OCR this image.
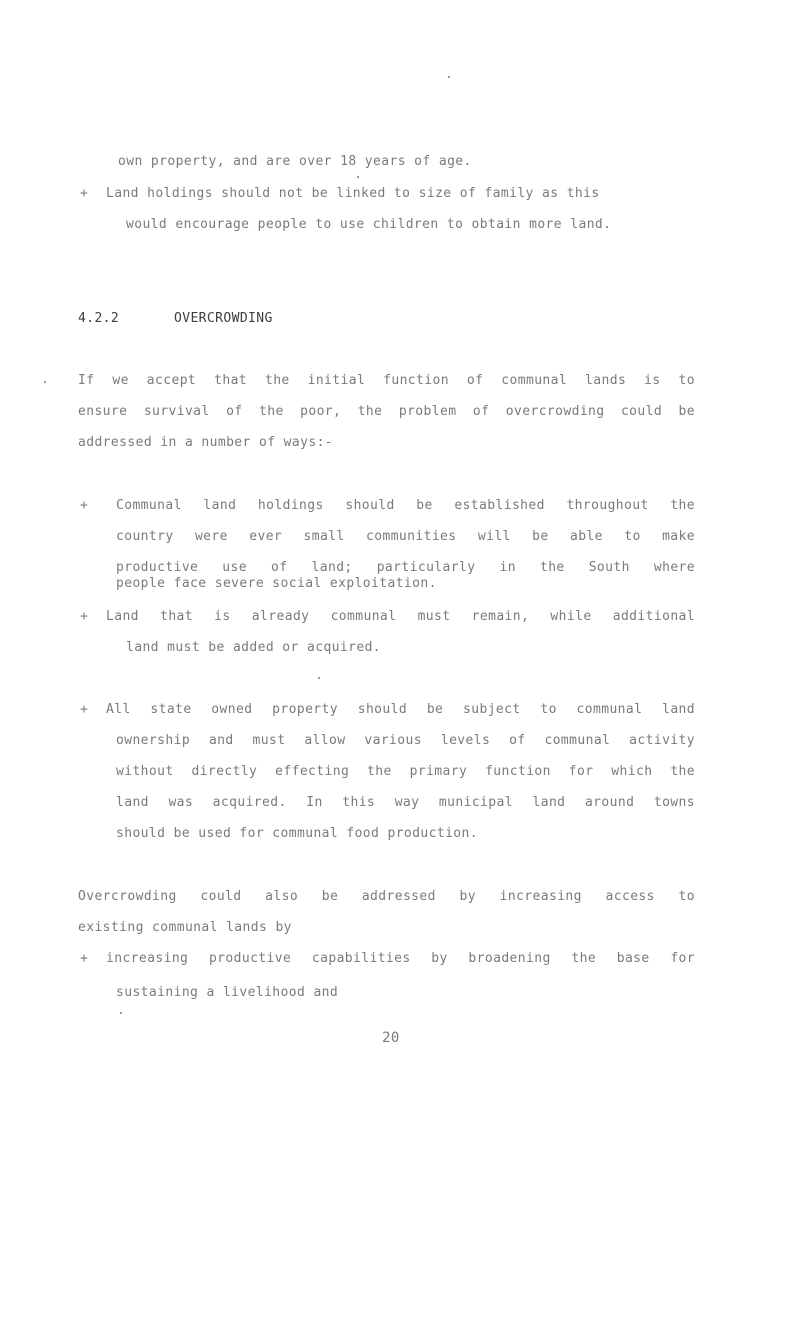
own property, and are over 18 years of age.
+ Land holdings should not be linked to size of family as this
would encourage people to use children to obtain more land.
4.2.2	OVERCROWDING
If we accept that the initial function of communal lands is to
ensure survival of the poor, the problem of overcrowding could be
addressed in a number of ways:-
+ Communal land holdings should be established throughout the
country were ever small communities will be able to make
productive use of land; particularly in the South where
people face severe social exploitation.
+ Land that is already communal must remain, while additional
land must be added or acquired.
+ All state owned property should be subject to communal land
ownership and must allow various levels of communal activity
without directly effecting the primary function for which the
land was acquired. In this way municipal land around towns
should be used for communal food production.
Overcrowding could also be addressed by increasing access to
existing communal lands by
+ increasing productive capabilities by broadening the base for
sustaining a livelihood and
20
